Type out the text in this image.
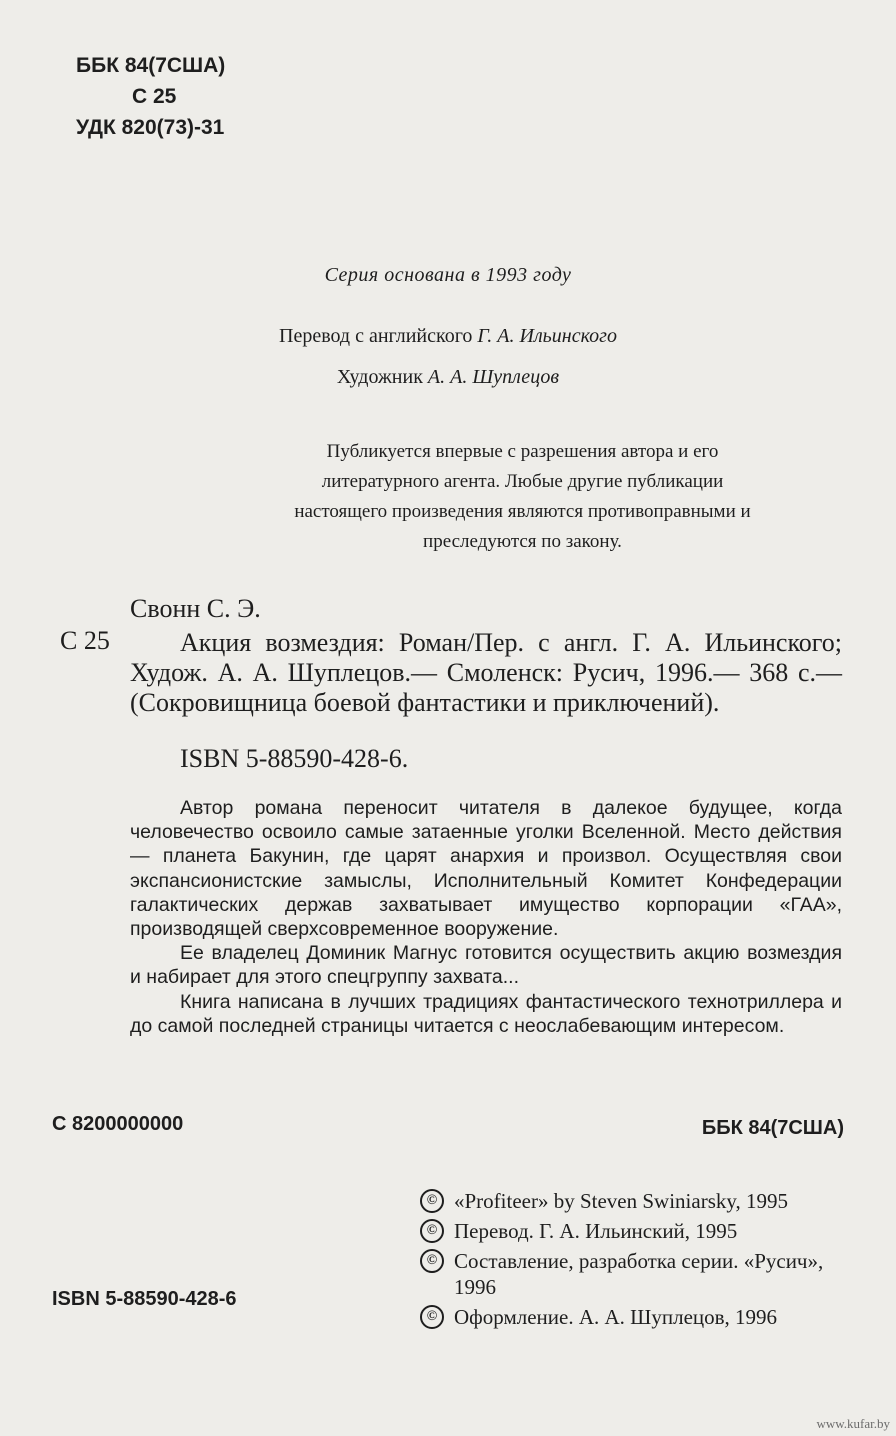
ББК 84(7США)
С 25
УДК 820(73)-31
Серия основана в 1993 году
Перевод с английского Г. А. Ильинского
Художник А. А. Шуплецов
Публикуется впервые с разрешения автора и его
литературного агента. Любые другие публикации
настоящего произведения являются противоправными и
преследуются по закону.
Свонн С. Э.
С 25	Акция возмездия: Роман/Пер. с англ. Г. А. Ильинского; Худож. А. А. Шуплецов.— Смоленск: Русич, 1996.— 368 с.— (Сокровищница боевой фантастики и приключений).
ISBN 5-88590-428-6.

Автор романа переносит читателя в далекое будущее, когда человечество освоило самые затаенные уголки Вселенной. Место действия — планета Бакунин, где царят анархия и произвол. Осуществляя свои экспансионистские замыслы, Исполнительный Комитет Конфедерации галактических держав захватывает имущество корпорации «ГАА», производящей сверхсовременное вооружение.

Ее владелец Доминик Магнус готовится осуществить акцию возмездия и набирает для этого спецгруппу захвата...

Книга написана в лучших традициях фантастического технотриллера и до самой последней страницы читается с неослабевающим интересом.

С 8200000000	ББК 84(7США)
ISBN 5-88590-428-6
© «Profiteer» by Steven Swiniarsky, 1995
© Перевод. Г. А. Ильинский, 1995
© Составление, разработка серии. «Русич», 1996
© Оформление. А. А. Шуплецов, 1996
www.kufar.by
